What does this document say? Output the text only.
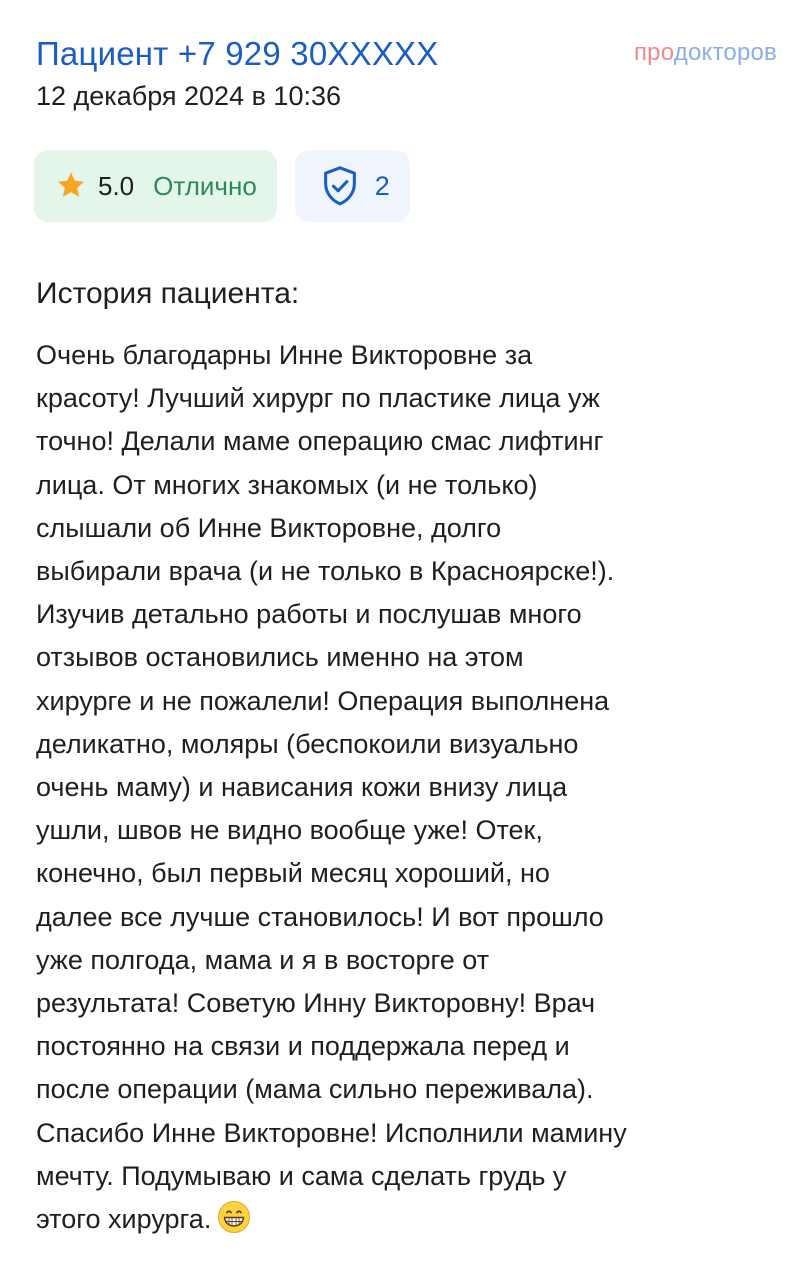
Пациент +7 929 30XXXXX
12 декабря 2024 в 10:36
продокторов
5.0 Отлично	2
История пациента:
Очень благодарны Инне Викторовне за
красоту! Лучший хирург по пластике лица уж
точно! Делали маме операцию смас лифтинг
лица. От многих знакомых (и не только)
слышали об Инне Викторовне, долго
выбирали врача (и не только в Красноярске!).
Изучив детально работы и послушав много
отзывов остановились именно на этом
хирурге и не пожалели! Операция выполнена
деликатно, моляры (беспокоили визуально
очень маму) и нависания кожи внизу лица
ушли, швов не видно вообще уже! Отек,
конечно, был первый месяц хороший, но
далее все лучше становилось! И вот прошло
уже полгода, мама и я в восторге от
результата! Советую Инну Викторовну! Врач
постоянно на связи и поддержала перед и
после операции (мама сильно переживала).
Спасибо Инне Викторовне! Исполнили мамину
мечту. Подумываю и сама сделать грудь у
этого хирурга.
